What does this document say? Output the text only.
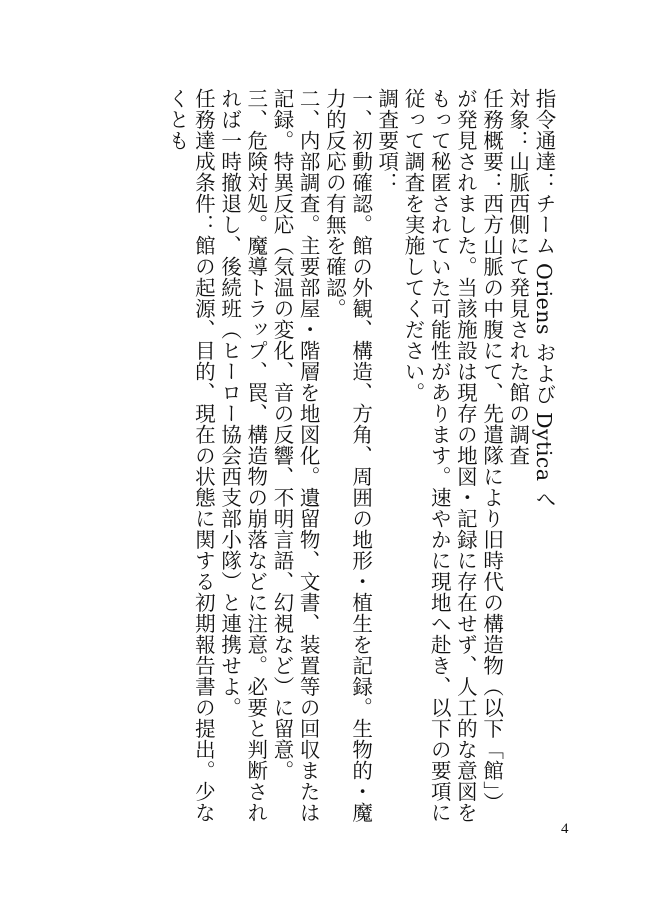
指令通達：チーム Oriens および Dytica へ

対象：山脈西側にて発見された館の調査

任務概要：西方山脈の中腹にて、先遣隊により旧時代の構造物（以下「館」）が発見されました。当該施設は現存の地図・記録に存在せず、人工的な意図をもって秘匿されていた可能性があります。速やかに現地へ赴き、以下の要項に従って調査を実施してください。

調査要項：

一、初動確認。館の外観、構造、方角、周囲の地形・植生を記録。生物的・魔力的反応の有無を確認。

二、内部調査。主要部屋・階層を地図化。遺留物、文書、装置等の回収または記録。特異反応（気温の変化、音の反響、不明言語、幻視など）に留意。

三、危険対処。魔導トラップ、罠、構造物の崩落などに注意。必要と判断されれば一時撤退し、後続班（ヒーロー協会西支部小隊）と連携せよ。

任務達成条件：館の起源、目的、現在の状態に関する初期報告書の提出。少なくとも

4
